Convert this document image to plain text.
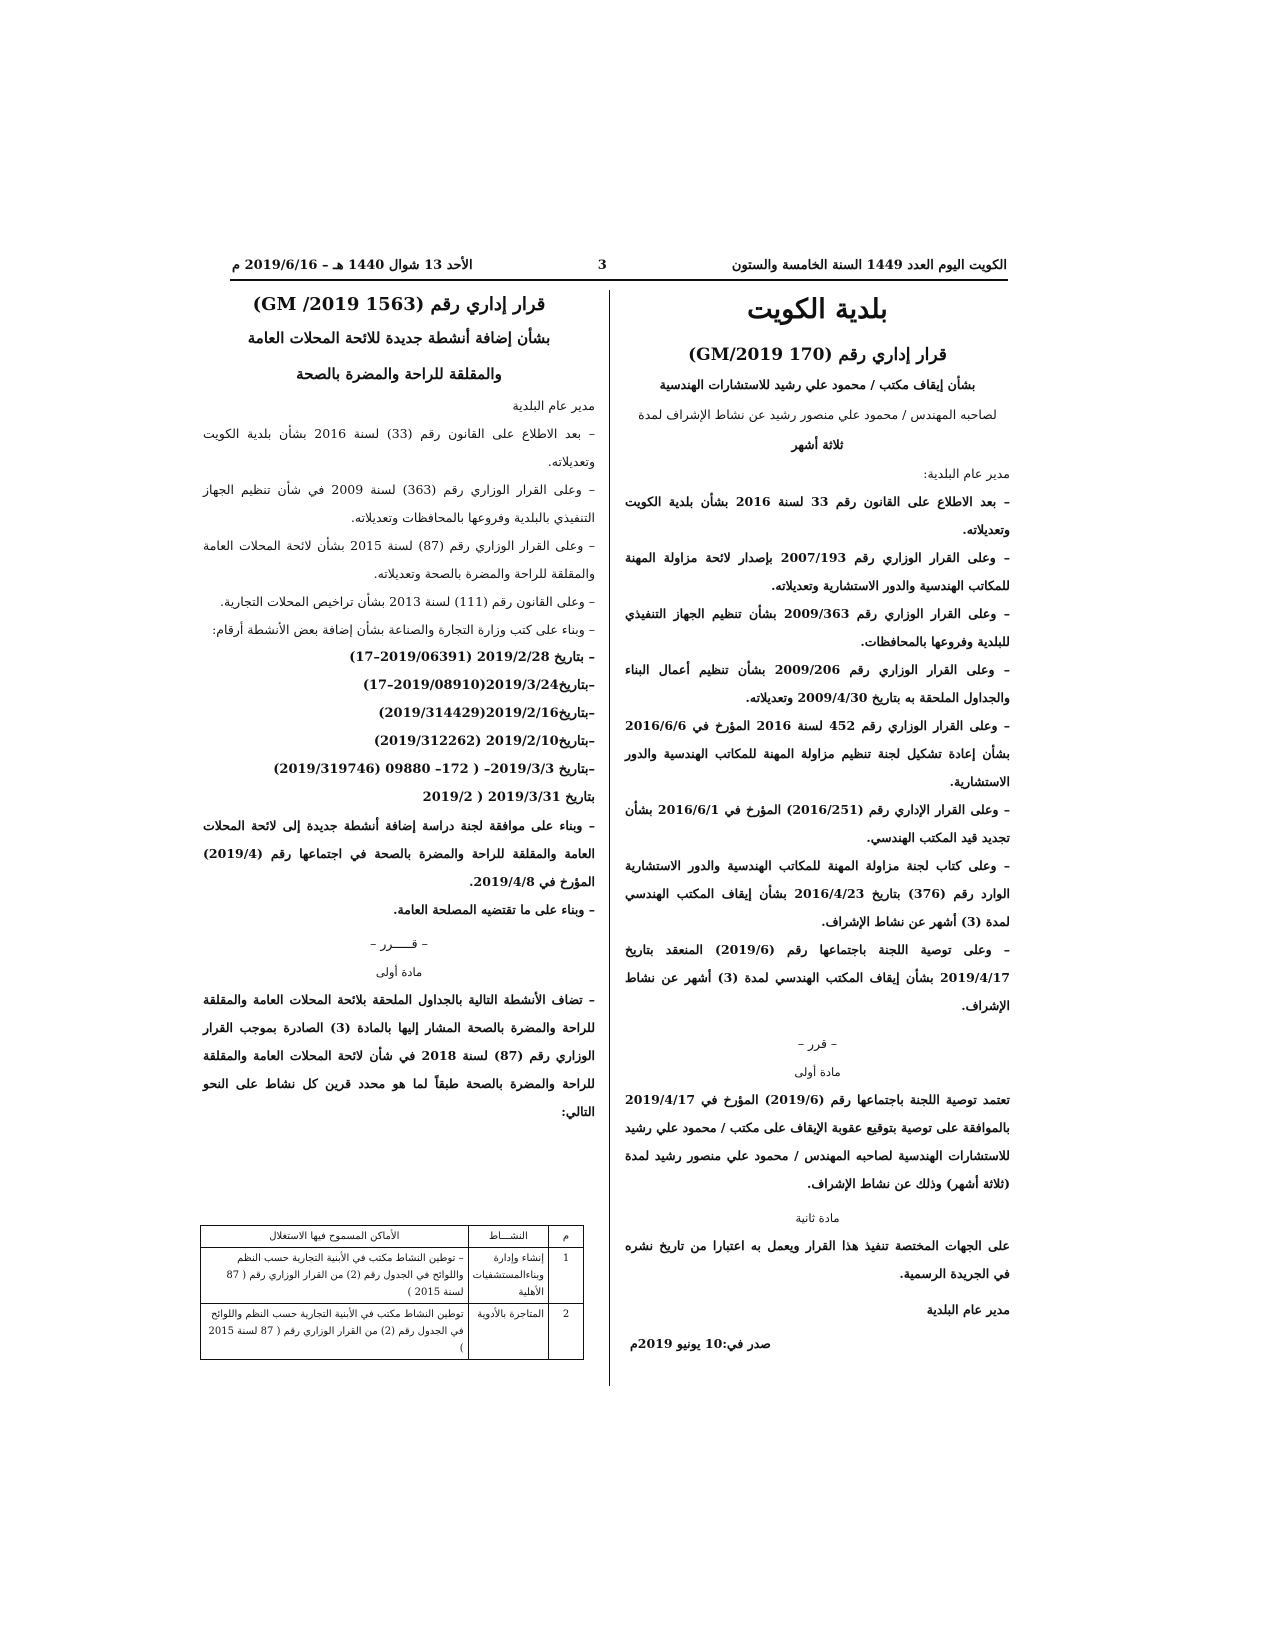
الكويت اليوم العدد 1449 السنة الخامسة والستون
3
الأحد 13 شوال 1440 هـ – 2019/6/16 م
بلدية الكويت
قرار إداري رقم (170 GM/2019)
بشأن إيقاف مكتب / محمود علي رشيد للاستشارات الهندسية
لصاحبه المهندس / محمود علي منصور رشيد عن نشاط الإشراف لمدة
ثلاثة أشهر

مدير عام البلدية:

– بعد الاطلاع على القانون رقم 33 لسنة 2016 بشأن بلدية الكويت وتعديلاته.

– وعلى القرار الوزاري رقم 2007/193 بإصدار لائحة مزاولة المهنة للمكاتب الهندسية والدور الاستشارية وتعديلاته.

– وعلى القرار الوزاري رقم 2009/363 بشأن تنظيم الجهاز التنفيذي للبلدية وفروعها بالمحافظات.

– وعلى القرار الوزاري رقم 2009/206 بشأن تنظيم أعمال البناء والجداول الملحقة به بتاريخ 2009/4/30 وتعديلاته.

– وعلى القرار الوزاري رقم 452 لسنة 2016 المؤرخ في 2016/6/6 بشأن إعادة تشكيل لجنة تنظيم مزاولة المهنة للمكاتب الهندسية والدور الاستشارية.

– وعلى القرار الإداري رقم (2016/251) المؤرخ في 2016/6/1 بشأن تجديد قيد المكتب الهندسي.

– وعلى كتاب لجنة مزاولة المهنة للمكاتب الهندسية والدور الاستشارية الوارد رقم (376) بتاريخ 2016/4/23 بشأن إيقاف المكتب الهندسي لمدة (3) أشهر عن نشاط الإشراف.

– وعلى توصية اللجنة باجتماعها رقم (2019/6) المنعقد بتاريخ 2019/4/17 بشأن إيقاف المكتب الهندسي لمدة (3) أشهر عن نشاط الإشراف.

– قرر –

مادة أولى

تعتمد توصية اللجنة باجتماعها رقم (2019/6) المؤرخ في 2019/4/17 بالموافقة على توصية بتوقيع عقوبة الإيقاف على مكتب / محمود علي رشيد للاستشارات الهندسية لصاحبه المهندس / محمود علي منصور رشيد لمدة (ثلاثة أشهر) وذلك عن نشاط الإشراف.

مادة ثانية

على الجهات المختصة تنفيذ هذا القرار ويعمل به اعتبارا من تاريخ نشره في الجريدة الرسمية.

مدير عام البلدية

صدر في:10 يونيو 2019م

قرار إداري رقم (1563 GM /2019)
بشأن إضافة أنشطة جديدة للائحة المحلات العامة
والمقلقة للراحة والمضرة بالصحة

مدير عام البلدية

– بعد الاطلاع على القانون رقم (33) لسنة 2016 بشأن بلدية الكويت وتعديلاته.

– وعلى القرار الوزاري رقم (363) لسنة 2009 في شأن تنظيم الجهاز التنفيذي بالبلدية وفروعها بالمحافظات وتعديلاته.

– وعلى القرار الوزاري رقم (87) لسنة 2015 بشأن لائحة المحلات العامة والمقلقة للراحة والمضرة بالصحة وتعديلاته.

– وعلى القانون رقم (111) لسنة 2013 بشأن تراخيص المحلات التجارية.

– وبناء على كتب وزارة التجارة والصناعة بشأن إضافة بعض الأنشطة أرقام:

(17–2019/06391) بتاريخ 2019/2/28 –

(17–2019/08910)بتاريخ2019/3/24–

(2019/314429)بتاريخ2019/2/16–

(2019/312262) بتاريخ2019/2/10–

(2019/319746) بتاريخ 2019/3/3– ( 172– 09880–

2019/2 ) بتاريخ 2019/3/31

– وبناء على موافقة لجنة دراسة إضافة أنشطة جديدة إلى لائحة المحلات العامة والمقلقة للراحة والمضرة بالصحة في اجتماعها رقم (2019/4) المؤرخ في 2019/4/8.

– وبناء على ما تقتضيه المصلحة العامة.

– قـــــرر –

مادة أولى

– تضاف الأنشطة التالية بالجداول الملحقة بلائحة المحلات العامة والمقلقة للراحة والمضرة بالصحة المشار إليها بالمادة (3) الصادرة بموجب القرار الوزاري رقم (87) لسنة 2018 في شأن لائحة المحلات العامة والمقلقة للراحة والمضرة بالصحة طبقاً لما هو محدد قرين كل نشاط على النحو التالي:

م	النشـــاط	الأماكن المسموح فيها الاستغلال
1	إنشاء وإدارة وبناءالمستشفيات الأهلية	– توطين النشاط مكتب في الأبنية التجارية حسب النظم واللوائح في الجدول رقم (2) من القرار الوزاري رقم ( 87 لسنة 2015 )
2	المتاجرة بالأدوية	توطين النشاط مكتب في الأبنية التجارية حسب النظم واللوائح في الجدول رقم (2) من القرار الوزاري رقم ( 87 لسنة 2015 )
